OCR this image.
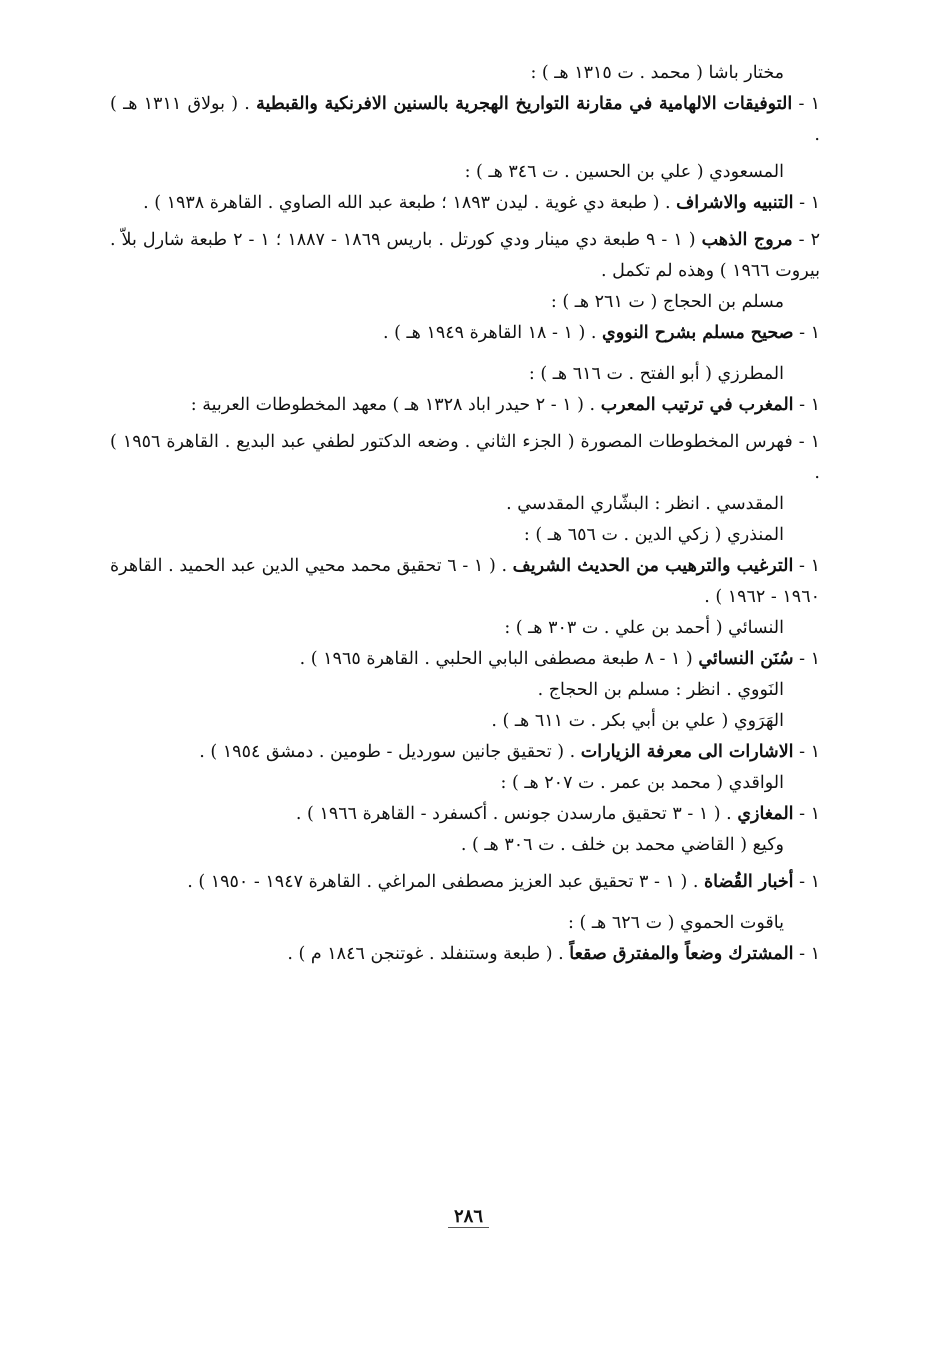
مختار باشا ( محمد . ت ١٣١٥ هـ ) :
١ - التوفيقات الالهامية في مقارنة التواريخ الهجرية بالسنين الافرنكية والقبطية . ( بولاق ١٣١١ هـ ) .
المسعودي ( علي بن الحسين . ت ٣٤٦ هـ ) :
١ - التنبيه والاشراف . ( طبعة دي غوية . ليدن ١٨٩٣ ؛ طبعة عبد الله الصاوي . القاهرة ١٩٣٨ ) .
٢ - مروج الذهب ( ١ - ٩ طبعة دي مينار ودي كورتل . باريس ١٨٦٩ - ١٨٨٧ ؛ ١ - ٢ طبعة شارل بلاّ . بيروت ١٩٦٦ ) وهذه لم تكمل .
مسلم بن الحجاج ( ت ٢٦١ هـ ) :
١ - صحيح مسلم بشرح النووي . ( ١ - ١٨ القاهرة ١٩٤٩ هـ ) .
المطرزي ( أبو الفتح . ت ٦١٦ هـ ) :
١ - المغرب في ترتيب المعرب . ( ١ - ٢ حيدر اباد ١٣٢٨ هـ ) معهد المخطوطات العربية :
١ - فهرس المخطوطات المصورة ( الجزء الثاني . وضعه الدكتور لطفي عبد البديع . القاهرة ١٩٥٦ ) .
المقدسي . انظر : البشّاري المقدسي .
المنذري ( زكي الدين . ت ٦٥٦ هـ ) :
١ - الترغيب والترهيب من الحديث الشريف . ( ١ - ٦ تحقيق محمد محيي الدين عبد الحميد . القاهرة ١٩٦٠ - ١٩٦٢ ) .
النسائي ( أحمد بن علي . ت ٣٠٣ هـ ) :
١ - سُنَن النسائي ( ١ - ٨ طبعة مصطفى البابي الحلبي . القاهرة ١٩٦٥ ) .
النَووي . انظر : مسلم بن الحجاج .
الهَرَوي ( علي بن أبي بكر . ت ٦١١ هـ ) .
١ - الاشارات الى معرفة الزيارات . ( تحقيق جانين سورديل - طومين . دمشق ١٩٥٤ ) .
الواقدي ( محمد بن عمر . ت ٢٠٧ هـ ) :
١ - المغازي . ( ١ - ٣ تحقيق مارسدن جونس . أكسفرد - القاهرة ١٩٦٦ ) .
وكيع ( القاضي محمد بن خلف . ت ٣٠٦ هـ ) .
١ - أخبار القُضاة . ( ١ - ٣ تحقيق عبد العزيز مصطفى المراغي . القاهرة ١٩٤٧ - ١٩٥٠ ) .
ياقوت الحموي ( ت ٦٢٦ هـ ) :
١ - المشترك وضعاً والمفترق صقعاً . ( طبعة وستنفلد . غوتنجن ١٨٤٦ م ) .
٢٨٦
